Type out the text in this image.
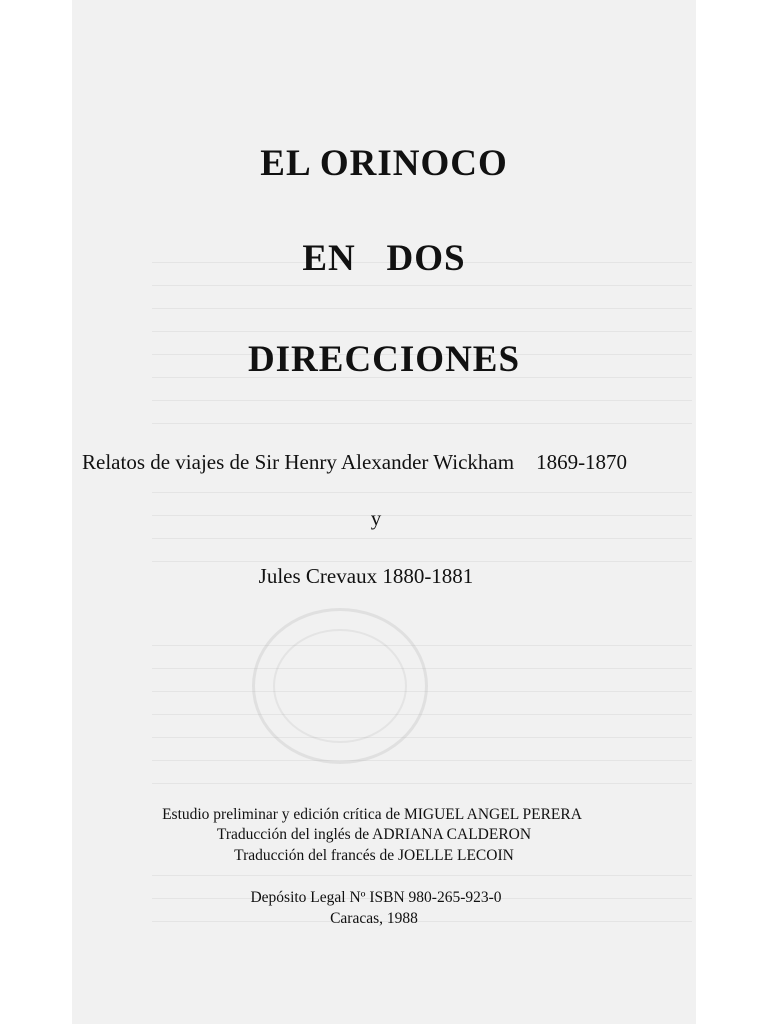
EL ORINOCO
EN   DOS
DIRECCIONES
Relatos de viajes de Sir Henry Alexander Wickham 1869-1870
y
Jules Crevaux 1880-1881
Estudio preliminar y edición crítica de MIGUEL ANGEL PERERA
Traducción del inglés de ADRIANA CALDERON
Traducción del francés de JOELLE LECOIN
Depósito Legal Nº ISBN 980-265-923-0
Caracas, 1988
